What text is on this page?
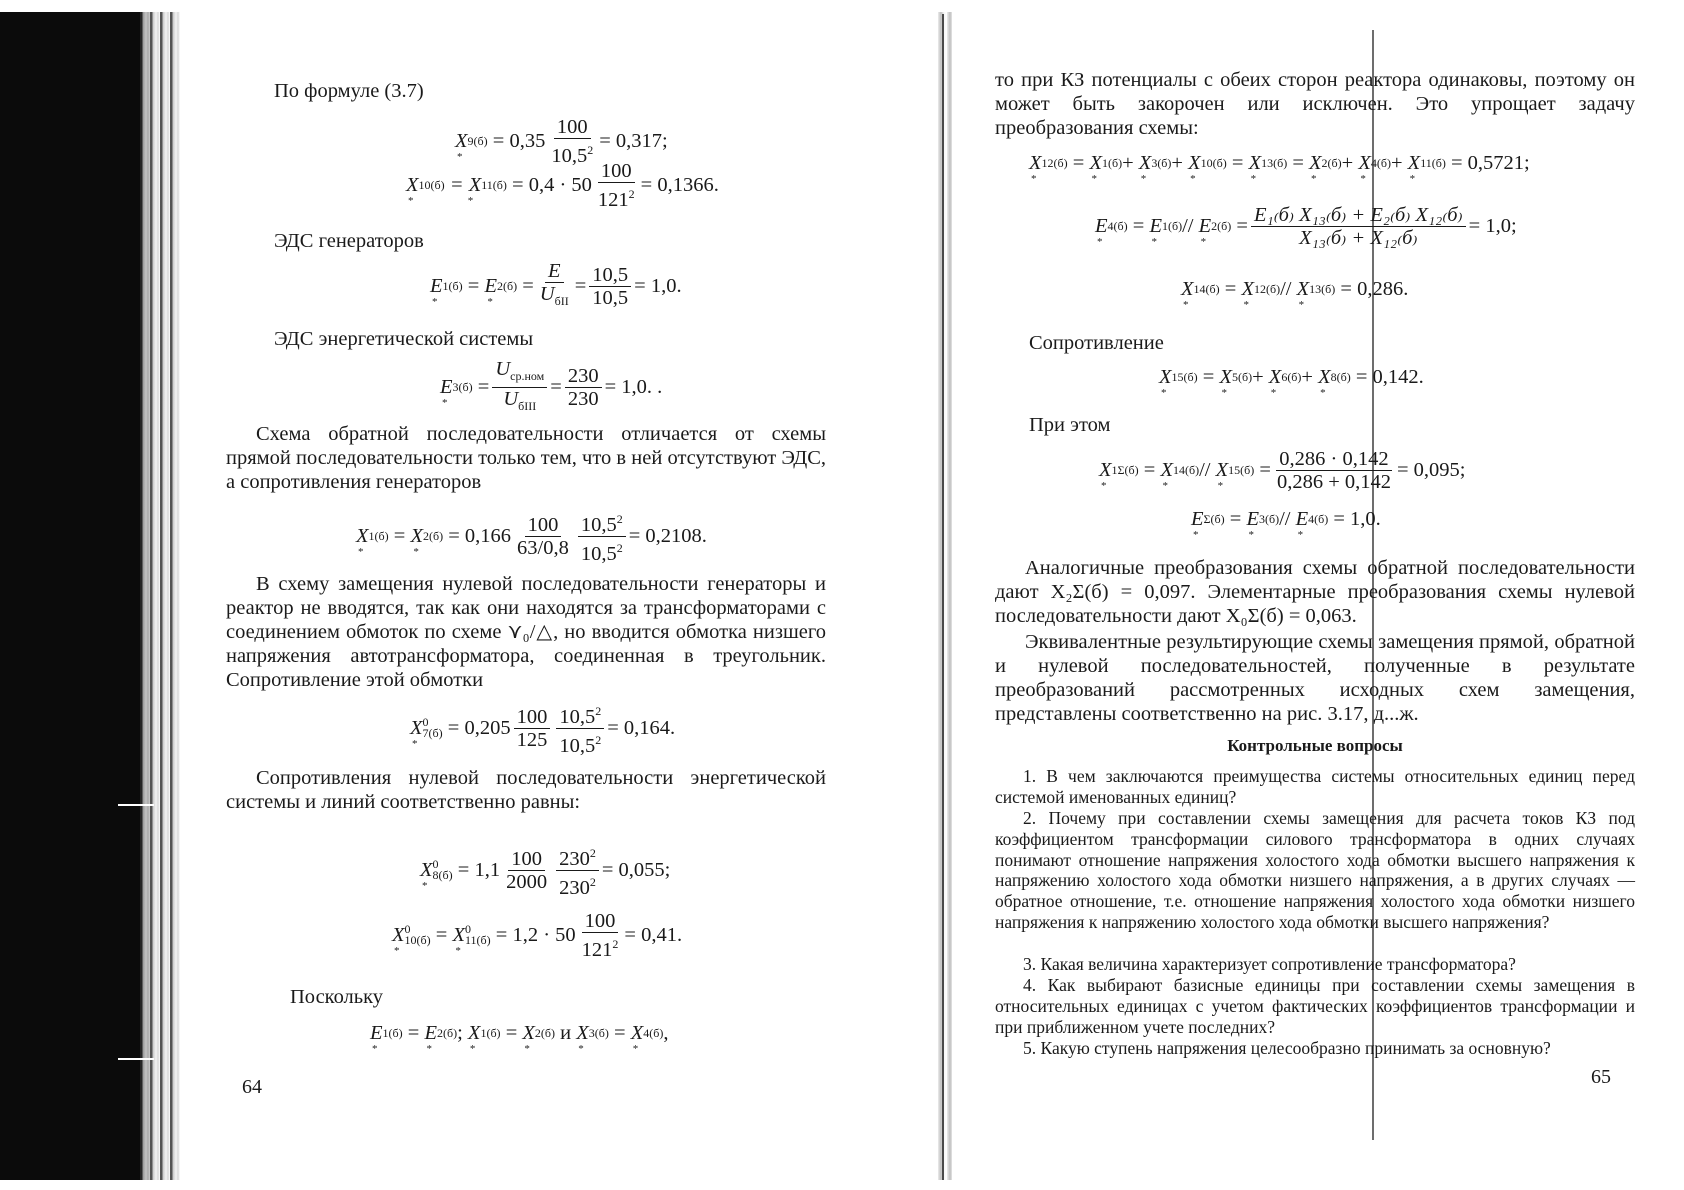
По формуле (3.7)
X
*
9(б)
= $0,35 \frac{100}{10,5^2} = 0,317$;
X
*
10(б)
= X
*
11(б)
= $0,4 \cdot 50 \frac{100}{121^2} = 0,1366$.
ЭДС генераторов
E
*
1(б) = E
*
$2(б) = \frac{E}{U_{бII}} = \frac{10,5}{10,5} = 1,0$.
ЭДС энергетической системы
E
*
$3(б) = \frac{U_{ср.ном}}{U_{бIII}} = \frac{230}{230} = 1,0$. .

Схема обратной последовательности отличается от схемы прямой последовательности только тем, что в ней отсутствуют ЭДС, а сопротивления генераторов

X
*
1(б) = X
*
2(б)
= $0,166 \frac{100}{63/0,8} \frac{10,5^2}{10,5^2} = 0,2108$.

В схему замещения нулевой последовательности генераторы и реактор не вводятся, так как они находятся за трансформаторами с соединением обмоток по схеме ⋎₀/△, но вводится обмотка низшего напряжения автотрансформатора, соединенная в треугольник. Сопротивление этой обмотки

X
*
0
7(б)
= $0,205 \frac{100}{125} \frac{10,5^2}{10,5^2} = 0,164$.

Сопротивления нулевой последовательности энергетической системы и линий соответственно равны:

X
*
0
8(б)
= $1,1 \frac{100}{2000} \frac{230^2}{230^2} = 0,055$;
X
*
0
10(б) = X
*
0
11(б)
= $1,2 \cdot 50 \frac{100}{121^2} = 0,41$.
Поскольку
E
*
1(б) = E
*
2(б) ; X
*
1(б) = X
*
2(б)
и
X
*
3(б) = X
*
4(б) ,
64

то при КЗ потенциалы с обеих сторон реактора одинаковы, поэтому он может быть закорочен или исключен. Это упрощает задачу преобразования схемы:

X
*
12(б) = X
*
1(б) + X
*
3(б) + X
*
10(б) = X
*
13(б) = X
*
2(б) + X
*
4(б) + X
*
11(б)
= 0,5721;
E
*
4(б) = E
*
1(б) // E
*
$2(б) = \frac{\text{E₁₍б₎ X₁₃₍б₎ + E₂₍б₎ X₁₂₍б₎}}{\text{X₁₃₍б₎ + X₁₂₍б₎}} = 1,0$;
X
*
14(б) = X
*
12(б) // X
*
13(б)
= 0,286.
Сопротивление
X
*
15(б) = X
*
5(б) + X
*
6(б) + X
*
8(б)
= 0,142.
При этом
X
*
1Σ(б) = X
*
14(б) // X
*
$15(б) = \frac{0,286 \cdot 0,142}{0,286 + 0,142} = 0,095$;
E
*
Σ(б) = E
*
3(б) // E
*
4(б)
= 1,0.

Аналогичные преобразования схемы обратной последовательности дают X₂Σ(б) = 0,097. Элементарные преобразования схемы нулевой последовательности дают X₀Σ(б) = 0,063.

Эквивалентные результирующие схемы замещения прямой, обратной и нулевой последовательностей, полученные в результате преобразований рассмотренных исходных схем замещения, представлены соответственно на рис. 3.17, д...ж.

Контрольные вопросы

1. В чем заключаются преимущества системы относительных единиц перед системой именованных единиц?

2. Почему при составлении схемы замещения для расчета токов КЗ под коэффициентом трансформации силового трансформатора в одних случаях понимают отношение напряжения холостого хода обмотки высшего напряжения к напряжению холостого хода обмотки низшего напряжения, а в других случаях — обратное отношение, т.е. отношение напряжения холостого хода обмотки низшего напряжения к напряжению холостого хода обмотки высшего напряжения?

3. Какая величина характеризует сопротивление трансформатора?

4. Как выбирают базисные единицы при составлении схемы замещения в относительных единицах с учетом фактических коэффициентов трансформации и при приближенном учете последних?

5. Какую ступень напряжения целесообразно принимать за основную?

65
